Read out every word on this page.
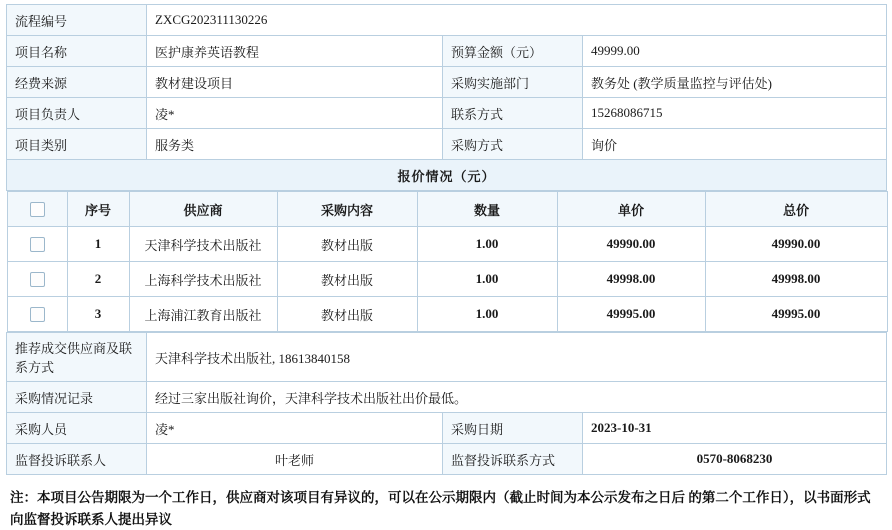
流程编号	ZXCG202311130226
项目名称	医护康养英语教程	预算金额（元）	49999.00
经费来源	教材建设项目	采购实施部门	教务处 (教学质量监控与评估处)
项目负责人	凌*	联系方式	15268086715
项目类别	服务类	采购方式	询价
报价情况（元）

	序号	供应商	采购内容	数量	单价	总价
	1	天津科学技术出版社	教材出版	1.00	49990.00	49990.00
	2	上海科学技术出版社	教材出版	1.00	49998.00	49998.00
	3	上海浦江教育出版社	教材出版	1.00	49995.00	49995.00

推荐成交供应商及联系方式	天津科学技术出版社, 18613840158
采购情况记录	经过三家出版社询价，天津科学技术出版社出价最低。
采购人员	凌*	采购日期	2023-10-31
监督投诉联系人	叶老师	监督投诉联系方式	0570-8068230
注：本项目公告期限为一个工作日，供应商对该项目有异议的，可以在公示期限内（截止时间为本公示发布之日后 的第二个工作日），以书面形式向监督投诉联系人提出异议
